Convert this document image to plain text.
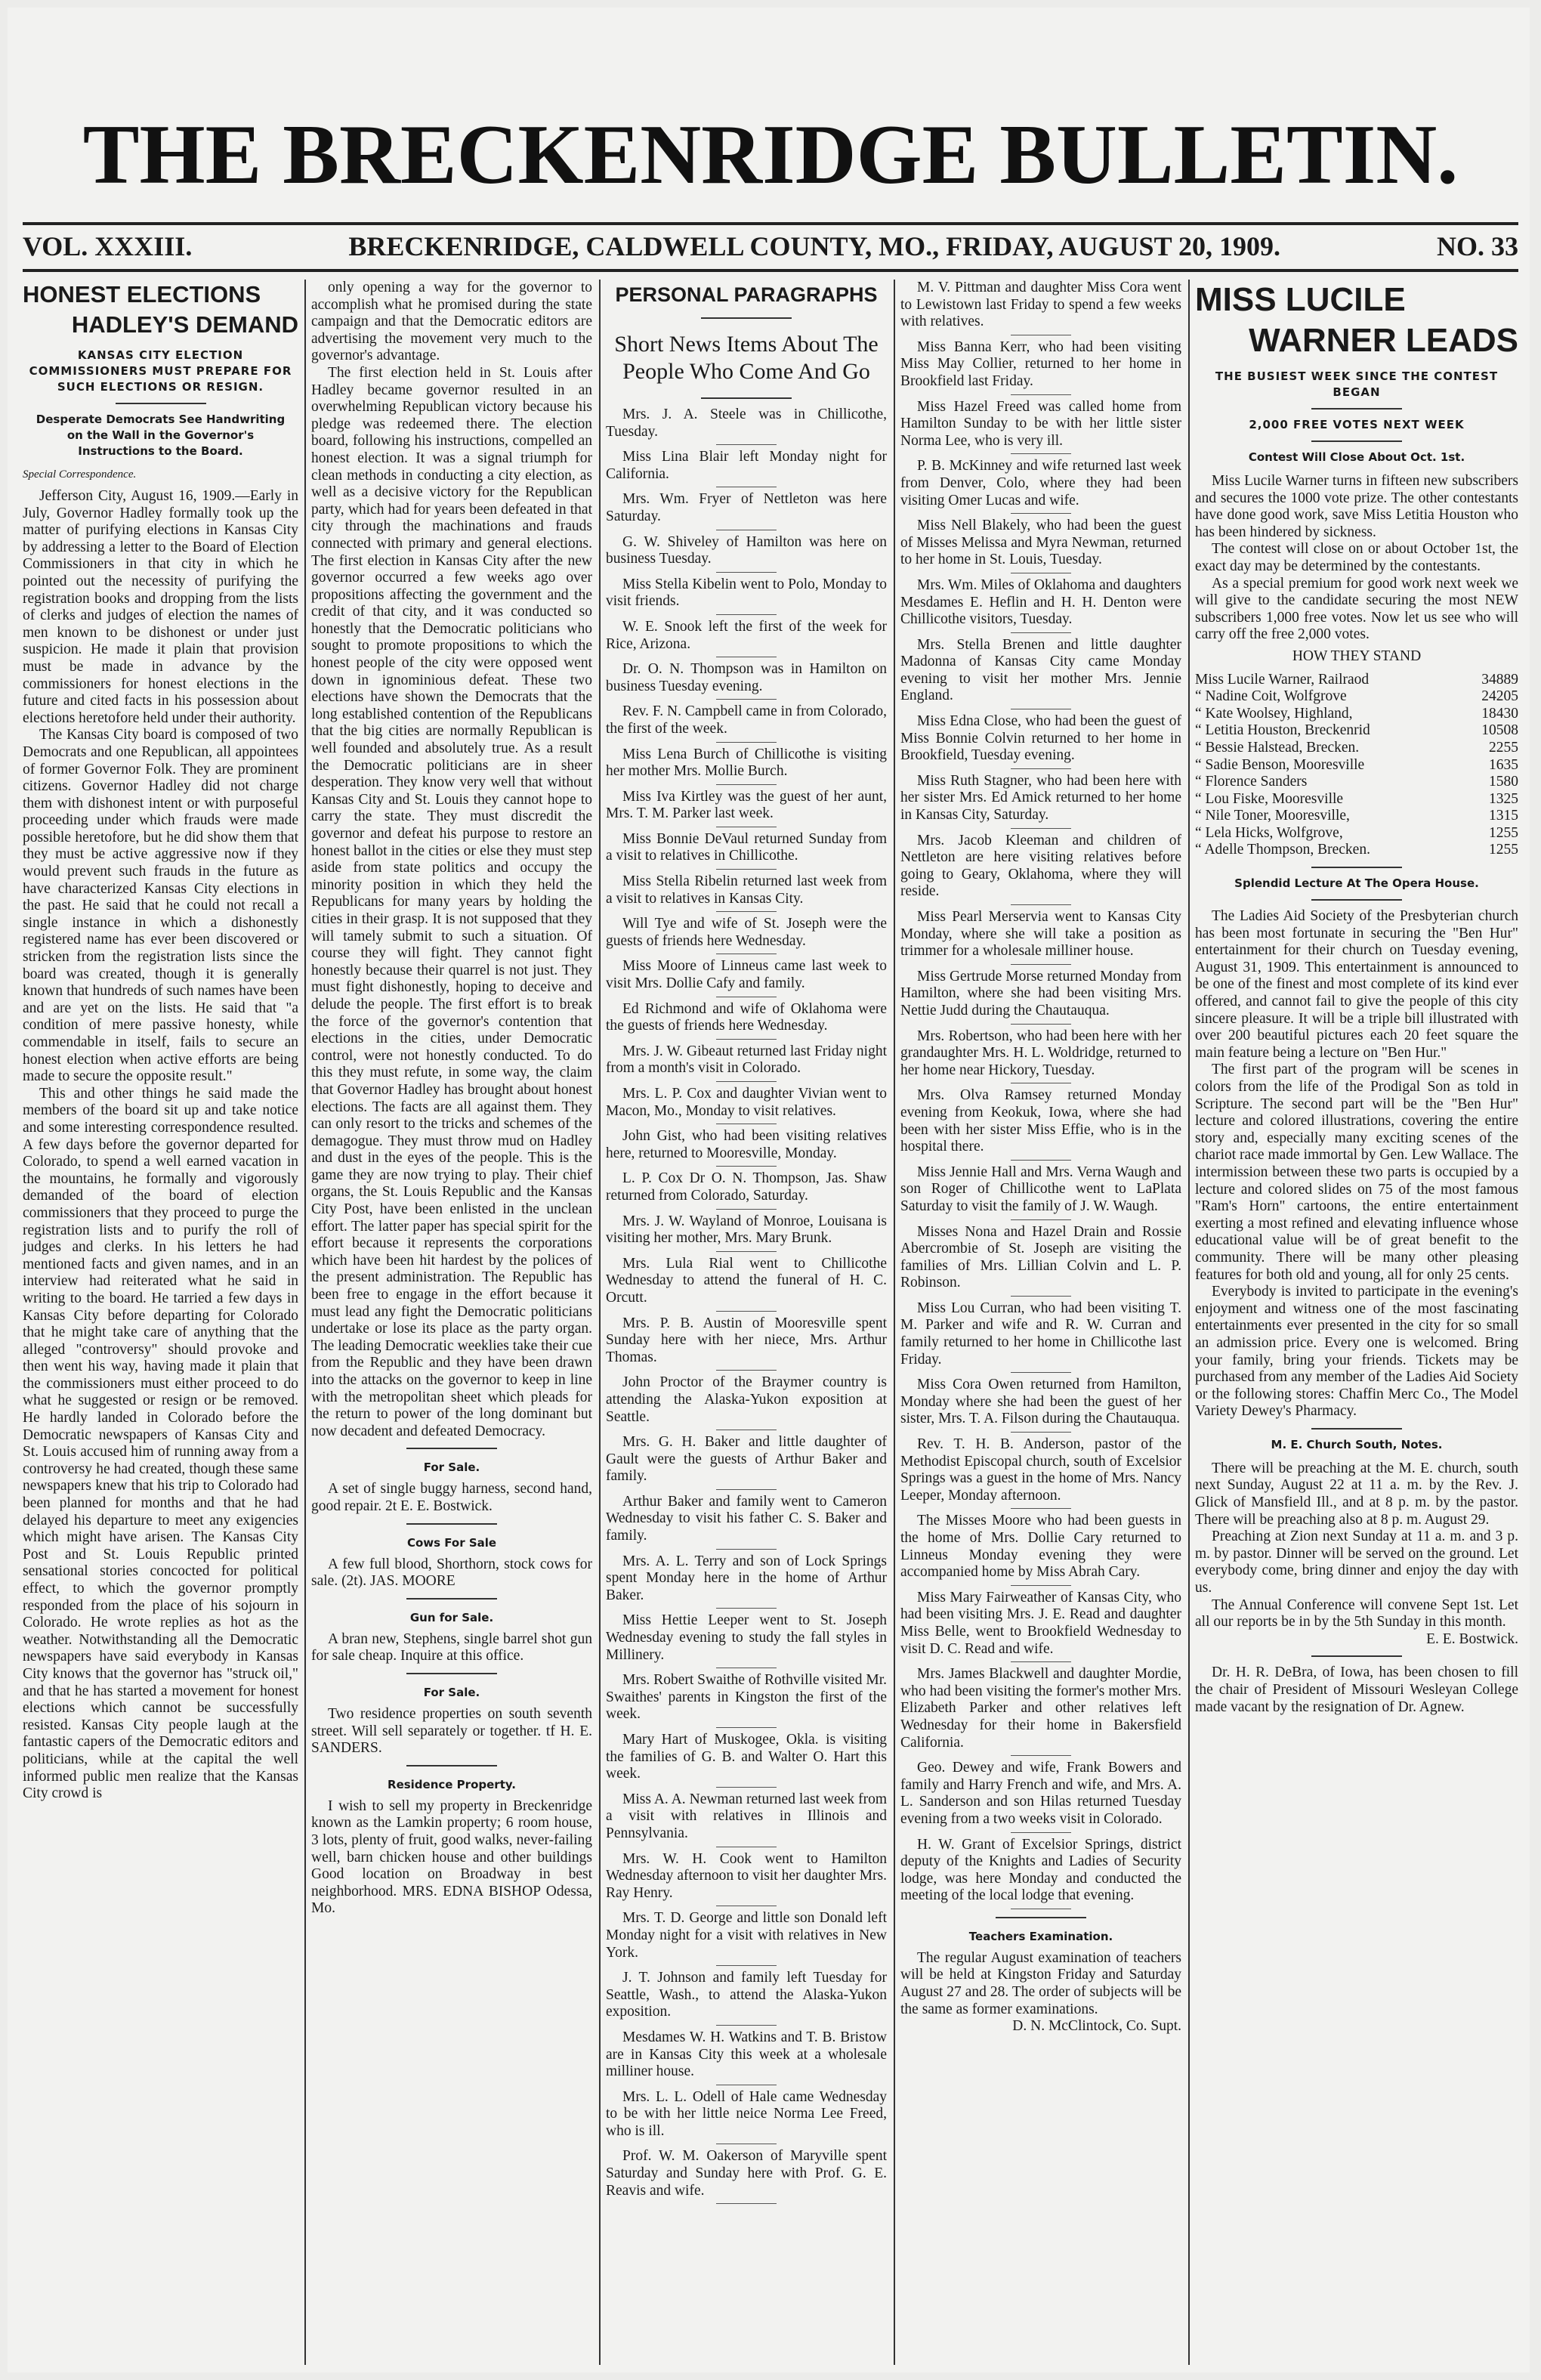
THE BRECKENRIDGE BULLETIN.
VOL. XXXIII.	BRECKENRIDGE, CALDWELL COUNTY, MO., FRIDAY, AUGUST 20, 1909.	NO. 33
HONEST ELECTIONS
HADLEY'S DEMAND
KANSAS CITY ELECTION COMMISSIONERS MUST PREPARE FOR SUCH ELECTIONS OR RESIGN.
Desperate Democrats See Handwriting on the Wall in the Governor's Instructions to the Board.
Special Correspondence.

Jefferson City, August 16, 1909.—Early in July, Governor Hadley formally took up the matter of purifying elections in Kansas City by addressing a letter to the Board of Election Commissioners in that city in which he pointed out the necessity of purifying the registration books and dropping from the lists of clerks and judges of election the names of men known to be dishonest or under just suspicion. He made it plain that provision must be made in advance by the commissioners for honest elections in the future and cited facts in his possession about elections heretofore held under their authority.

The Kansas City board is composed of two Democrats and one Republican, all appointees of former Governor Folk. They are prominent citizens. Governor Hadley did not charge them with dishonest intent or with purposeful proceeding under which frauds were made possible heretofore, but he did show them that they must be active aggressive now if they would prevent such frauds in the future as have characterized Kansas City elections in the past. He said that he could not recall a single instance in which a dishonestly registered name has ever been discovered or stricken from the registration lists since the board was created, though it is generally known that hundreds of such names have been and are yet on the lists. He said that "a condition of mere passive honesty, while commendable in itself, fails to secure an honest election when active efforts are being made to secure the opposite result."

This and other things he said made the members of the board sit up and take notice and some interesting correspondence resulted. A few days before the governor departed for Colorado, to spend a well earned vacation in the mountains, he formally and vigorously demanded of the board of election commissioners that they proceed to purge the registration lists and to purify the roll of judges and clerks. In his letters he had mentioned facts and given names, and in an interview had reiterated what he said in writing to the board. He tarried a few days in Kansas City before departing for Colorado that he might take care of anything that the alleged "controversy" should provoke and then went his way, having made it plain that the commissioners must either proceed to do what he suggested or resign or be removed. He hardly landed in Colorado before the Democratic newspapers of Kansas City and St. Louis accused him of running away from a controversy he had created, though these same newspapers knew that his trip to Colorado had been planned for months and that he had delayed his departure to meet any exigencies which might have arisen. The Kansas City Post and St. Louis Republic printed sensational stories concocted for political effect, to which the governor promptly responded from the place of his sojourn in Colorado. He wrote replies as hot as the weather. Notwithstanding all the Democratic newspapers have said everybody in Kansas City knows that the governor has "struck oil," and that he has started a movement for honest elections which cannot be successfully resisted. Kansas City people laugh at the fantastic capers of the Democratic editors and politicians, while at the capital the well informed public men realize that the Kansas City crowd is

only opening a way for the governor to accomplish what he promised during the state campaign and that the Democratic editors are advertising the movement very much to the governor's advantage.

The first election held in St. Louis after Hadley became governor resulted in an overwhelming Republican victory because his pledge was redeemed there. The election board, following his instructions, compelled an honest election. It was a signal triumph for clean methods in conducting a city election, as well as a decisive victory for the Republican party, which had for years been defeated in that city through the machinations and frauds connected with primary and general elections. The first election in Kansas City after the new governor occurred a few weeks ago over propositions affecting the government and the credit of that city, and it was conducted so honestly that the Democratic politicians who sought to promote propositions to which the honest people of the city were opposed went down in ignominious defeat. These two elections have shown the Democrats that the long established contention of the Republicans that the big cities are normally Republican is well founded and absolutely true. As a result the Democratic politicians are in sheer desperation. They know very well that without Kansas City and St. Louis they cannot hope to carry the state. They must discredit the governor and defeat his purpose to restore an honest ballot in the cities or else they must step aside from state politics and occupy the minority position in which they held the Republicans for many years by holding the cities in their grasp. It is not supposed that they will tamely submit to such a situation. Of course they will fight. They cannot fight honestly because their quarrel is not just. They must fight dishonestly, hoping to deceive and delude the people. The first effort is to break the force of the governor's contention that elections in the cities, under Democratic control, were not honestly conducted. To do this they must refute, in some way, the claim that Governor Hadley has brought about honest elections. The facts are all against them. They can only resort to the tricks and schemes of the demagogue. They must throw mud on Hadley and dust in the eyes of the people. This is the game they are now trying to play. Their chief organs, the St. Louis Republic and the Kansas City Post, have been enlisted in the unclean effort. The latter paper has special spirit for the effort because it represents the corporations which have been hit hardest by the polices of the present administration. The Republic has been free to engage in the effort because it must lead any fight the Democratic politicians undertake or lose its place as the party organ. The leading Democratic weeklies take their cue from the Republic and they have been drawn into the attacks on the governor to keep in line with the metropolitan sheet which pleads for the return to power of the long dominant but now decadent and defeated Democracy.

For Sale.

A set of single buggy harness, second hand, good repair. 2t E. E. Bostwick.

Cows For Sale

A few full blood, Shorthorn, stock cows for sale. (2t). JAS. MOORE

Gun for Sale.

A bran new, Stephens, single barrel shot gun for sale cheap. Inquire at this office.

For Sale.

Two residence properties on south seventh street. Will sell separately or together. tf H. E. SANDERS.

Residence Property.

I wish to sell my property in Breckenridge known as the Lamkin property; 6 room house, 3 lots, plenty of fruit, good walks, never-failing well, barn chicken house and other buildings Good location on Broadway in best neighborhood. MRS. EDNA BISHOP Odessa, Mo.

PERSONAL PARAGRAPHS
Short News Items About The People Who Come And Go

Mrs. J. A. Steele was in Chillicothe, Tuesday.

Miss Lina Blair left Monday night for California.

Mrs. Wm. Fryer of Nettleton was here Saturday.

G. W. Shiveley of Hamilton was here on business Tuesday.

Miss Stella Kibelin went to Polo, Monday to visit friends.

W. E. Snook left the first of the week for Rice, Arizona.

Dr. O. N. Thompson was in Hamilton on business Tuesday evening.

Rev. F. N. Campbell came in from Colorado, the first of the week.

Miss Lena Burch of Chillicothe is visiting her mother Mrs. Mollie Burch.

Miss Iva Kirtley was the guest of her aunt, Mrs. T. M. Parker last week.

Miss Bonnie DeVaul returned Sunday from a visit to relatives in Chillicothe.

Miss Stella Ribelin returned last week from a visit to relatives in Kansas City.

Will Tye and wife of St. Joseph were the guests of friends here Wednesday.

Miss Moore of Linneus came last week to visit Mrs. Dollie Cafy and family.

Ed Richmond and wife of Oklahoma were the guests of friends here Wednesday.

Mrs. J. W. Gibeaut returned last Friday night from a month's visit in Colorado.

Mrs. L. P. Cox and daughter Vivian went to Macon, Mo., Monday to visit relatives.

John Gist, who had been visiting relatives here, returned to Mooresville, Monday.

L. P. Cox Dr O. N. Thompson, Jas. Shaw returned from Colorado, Saturday.

Mrs. J. W. Wayland of Monroe, Louisana is visiting her mother, Mrs. Mary Brunk.

Mrs. Lula Rial went to Chillicothe Wednesday to attend the funeral of H. C. Orcutt.

Mrs. P. B. Austin of Mooresville spent Sunday here with her niece, Mrs. Arthur Thomas.

John Proctor of the Braymer country is attending the Alaska-Yukon exposition at Seattle.

Mrs. G. H. Baker and little daughter of Gault were the guests of Arthur Baker and family.

Arthur Baker and family went to Cameron Wednesday to visit his father C. S. Baker and family.

Mrs. A. L. Terry and son of Lock Springs spent Monday here in the home of Arthur Baker.

Miss Hettie Leeper went to St. Joseph Wednesday evening to study the fall styles in Millinery.

Mrs. Robert Swaithe of Rothville visited Mr. Swaithes' parents in Kingston the first of the week.

Mary Hart of Muskogee, Okla. is visiting the families of G. B. and Walter O. Hart this week.

Miss A. A. Newman returned last week from a visit with relatives in Illinois and Pennsylvania.

Mrs. W. H. Cook went to Hamilton Wednesday afternoon to visit her daughter Mrs. Ray Henry.

Mrs. T. D. George and little son Donald left Monday night for a visit with relatives in New York.

J. T. Johnson and family left Tuesday for Seattle, Wash., to attend the Alaska-Yukon exposition.

Mesdames W. H. Watkins and T. B. Bristow are in Kansas City this week at a wholesale milliner house.

Mrs. L. L. Odell of Hale came Wednesday to be with her little neice Norma Lee Freed, who is ill.

Prof. W. M. Oakerson of Maryville spent Saturday and Sunday here with Prof. G. E. Reavis and wife.

M. V. Pittman and daughter Miss Cora went to Lewistown last Friday to spend a few weeks with relatives.

Miss Banna Kerr, who had been visiting Miss May Collier, returned to her home in Brookfield last Friday.

Miss Hazel Freed was called home from Hamilton Sunday to be with her little sister Norma Lee, who is very ill.

P. B. McKinney and wife returned last week from Denver, Colo, where they had been visiting Omer Lucas and wife.

Miss Nell Blakely, who had been the guest of Misses Melissa and Myra Newman, returned to her home in St. Louis, Tuesday.

Mrs. Wm. Miles of Oklahoma and daughters Mesdames E. Heflin and H. H. Denton were Chillicothe visitors, Tuesday.

Mrs. Stella Brenen and little daughter Madonna of Kansas City came Monday evening to visit her mother Mrs. Jennie England.

Miss Edna Close, who had been the guest of Miss Bonnie Colvin returned to her home in Brookfield, Tuesday evening.

Miss Ruth Stagner, who had been here with her sister Mrs. Ed Amick returned to her home in Kansas City, Saturday.

Mrs. Jacob Kleeman and children of Nettleton are here visiting relatives before going to Geary, Oklahoma, where they will reside.

Miss Pearl Merservia went to Kansas City Monday, where she will take a position as trimmer for a wholesale milliner house.

Miss Gertrude Morse returned Monday from Hamilton, where she had been visiting Mrs. Nettie Judd during the Chautauqua.

Mrs. Robertson, who had been here with her grandaughter Mrs. H. L. Woldridge, returned to her home near Hickory, Tuesday.

Mrs. Olva Ramsey returned Monday evening from Keokuk, Iowa, where she had been with her sister Miss Effie, who is in the hospital there.

Miss Jennie Hall and Mrs. Verna Waugh and son Roger of Chillicothe went to LaPlata Saturday to visit the family of J. W. Waugh.

Misses Nona and Hazel Drain and Rossie Abercrombie of St. Joseph are visiting the families of Mrs. Lillian Colvin and L. P. Robinson.

Miss Lou Curran, who had been visiting T. M. Parker and wife and R. W. Curran and family returned to her home in Chillicothe last Friday.

Miss Cora Owen returned from Hamilton, Monday where she had been the guest of her sister, Mrs. T. A. Filson during the Chautauqua.

Rev. T. H. B. Anderson, pastor of the Methodist Episcopal church, south of Excelsior Springs was a guest in the home of Mrs. Nancy Leeper, Monday afternoon.

The Misses Moore who had been guests in the home of Mrs. Dollie Cary returned to Linneus Monday evening they were accompanied home by Miss Abrah Cary.

Miss Mary Fairweather of Kansas City, who had been visiting Mrs. J. E. Read and daughter Miss Belle, went to Brookfield Wednesday to visit D. C. Read and wife.

Mrs. James Blackwell and daughter Mordie, who had been visiting the former's mother Mrs. Elizabeth Parker and other relatives left Wednesday for their home in Bakersfield California.

Geo. Dewey and wife, Frank Bowers and family and Harry French and wife, and Mrs. A. L. Sanderson and son Hilas returned Tuesday evening from a two weeks visit in Colorado.

H. W. Grant of Excelsior Springs, district deputy of the Knights and Ladies of Security lodge, was here Monday and conducted the meeting of the local lodge that evening.

Teachers Examination.

The regular August examination of teachers will be held at Kingston Friday and Saturday August 27 and 28. The order of subjects will be the same as former examinations.

D. N. McClintock, Co. Supt.
MISS LUCILE
WARNER LEADS
THE BUSIEST WEEK SINCE THE CONTEST BEGAN
2,000 FREE VOTES NEXT WEEK
Contest Will Close About Oct. 1st.

Miss Lucile Warner turns in fifteen new subscribers and secures the 1000 vote prize. The other contestants have done good work, save Miss Letitia Houston who has been hindered by sickness.

The contest will close on or about October 1st, the exact day may be determined by the contestants.

As a special premium for good work next week we will give to the candidate securing the most NEW subscribers 1,000 free votes. Now let us see who will carry off the free 2,000 votes.

HOW THEY STAND
Miss Lucile Warner, Railraod	34889
“ Nadine Coit, Wolfgrove	24205
“ Kate Woolsey, Highland,	18430
“ Letitia Houston, Breckenrid	10508
“ Bessie Halstead, Brecken.	2255
“ Sadie Benson, Mooresville	1635
“ Florence Sanders	1580
“ Lou Fiske, Mooresville	1325
“ Nile Toner, Mooresville,	1315
“ Lela Hicks, Wolfgrove,	1255
“ Adelle Thompson, Brecken.	1255
Splendid Lecture At The Opera House.

The Ladies Aid Society of the Presbyterian church has been most fortunate in securing the "Ben Hur" entertainment for their church on Tuesday evening, August 31, 1909. This entertainment is announced to be one of the finest and most complete of its kind ever offered, and cannot fail to give the people of this city sincere pleasure. It will be a triple bill illustrated with over 200 beautiful pictures each 20 feet square the main feature being a lecture on "Ben Hur."

The first part of the program will be scenes in colors from the life of the Prodigal Son as told in Scripture. The second part will be the "Ben Hur" lecture and colored illustrations, covering the entire story and, especially many exciting scenes of the chariot race made immortal by Gen. Lew Wallace. The intermission between these two parts is occupied by a lecture and colored slides on 75 of the most famous "Ram's Horn" cartoons, the entire entertainment exerting a most refined and elevating influence whose educational value will be of great benefit to the community. There will be many other pleasing features for both old and young, all for only 25 cents.

Everybody is invited to participate in the evening's enjoyment and witness one of the most fascinating entertainments ever presented in the city for so small an admission price. Every one is welcomed. Bring your family, bring your friends. Tickets may be purchased from any member of the Ladies Aid Society or the following stores: Chaffin Merc Co., The Model Variety Dewey's Pharmacy.

M. E. Church South, Notes.

There will be preaching at the M. E. church, south next Sunday, August 22 at 11 a. m. by the Rev. J. Glick of Mansfield Ill., and at 8 p. m. by the pastor. There will be preaching also at 8 p. m. August 29.

Preaching at Zion next Sunday at 11 a. m. and 3 p. m. by pastor. Dinner will be served on the ground. Let everybody come, bring dinner and enjoy the day with us.

The Annual Conference will convene Sept 1st. Let all our reports be in by the 5th Sunday in this month.

E. E. Bostwick.

Dr. H. R. DeBra, of Iowa, has been chosen to fill the chair of President of Missouri Wesleyan College made vacant by the resignation of Dr. Agnew.
